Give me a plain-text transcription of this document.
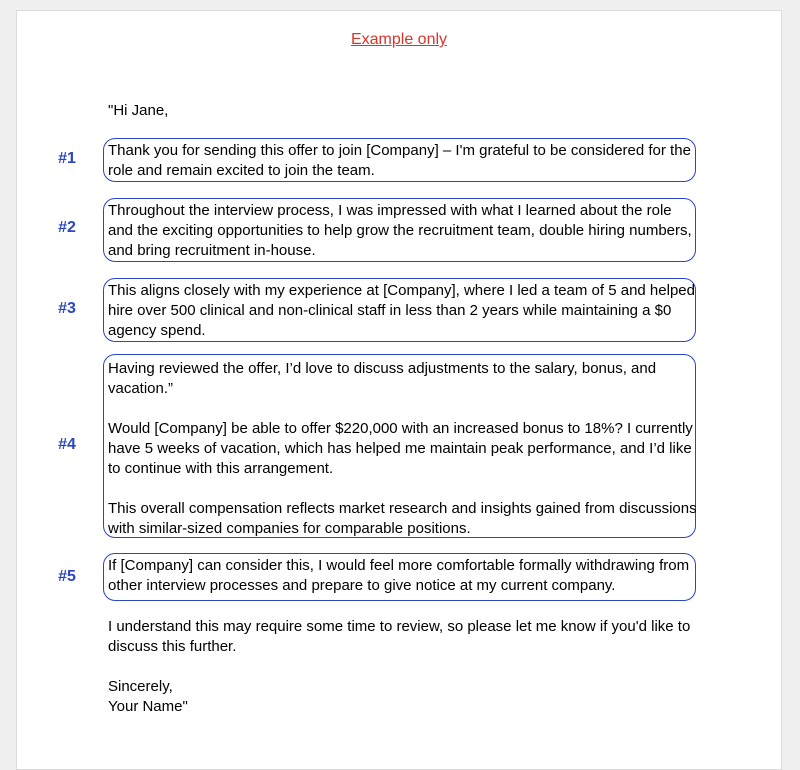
Example only

"Hi Jane,

#1 Thank you for sending this offer to join [Company] – I'm grateful to be considered for the role and remain excited to join the team.

#2

Throughout the interview process, I was impressed with what I learned about the role and the exciting opportunities to help grow the recruitment team, double hiring numbers, and bring recruitment in-house.

#3

This aligns closely with my experience at [Company], where I led a team of 5 and helped hire over 500 clinical and non-clinical staff in less than 2 years while maintaining a $0 agency spend.

#4

Having reviewed the offer, I’d love to discuss adjustments to the salary, bonus, and vacation.”

Would [Company] be able to offer $220,000 with an increased bonus to 18%? I currently have 5 weeks of vacation, which has helped me maintain peak performance, and I’d like to continue with this arrangement.

This overall compensation reflects market research and insights gained from discussions with similar-sized companies for comparable positions.

#5

If [Company] can consider this, I would feel more comfortable formally withdrawing from other interview processes and prepare to give notice at my current company.

I understand this may require some time to review, so please let me know if you'd like to discuss this further.

Sincerely,

Your Name"
